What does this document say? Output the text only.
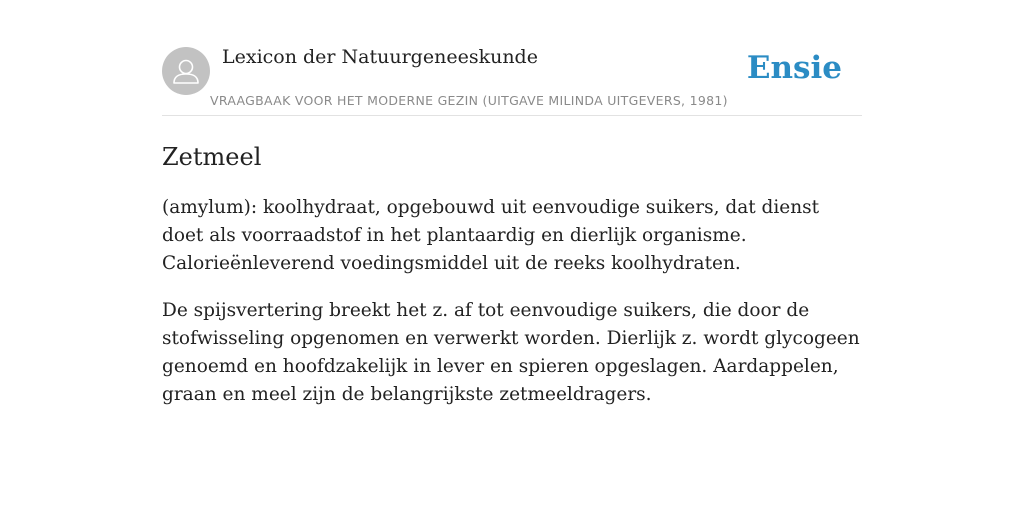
Lexicon der Natuurgeneeskunde
VRAAGBAAK VOOR HET MODERNE GEZIN (UITGAVE MILINDA UITGEVERS, 1981)
Ensie
Zetmeel

(amylum): koolhydraat, opgebouwd uit eenvoudige suikers, dat dienst doet als voorraadstof in het plantaardig en dierlijk organisme. Calorieënleverend voedingsmiddel uit de reeks koolhydraten.

De spijsvertering breekt het z. af tot eenvoudige suikers, die door de stofwisseling opgenomen en verwerkt worden. Dierlijk z. wordt glycogeen genoemd en hoofdzakelijk in lever en spieren opgeslagen. Aardappelen, graan en meel zijn de belangrijkste zetmeeldragers.
